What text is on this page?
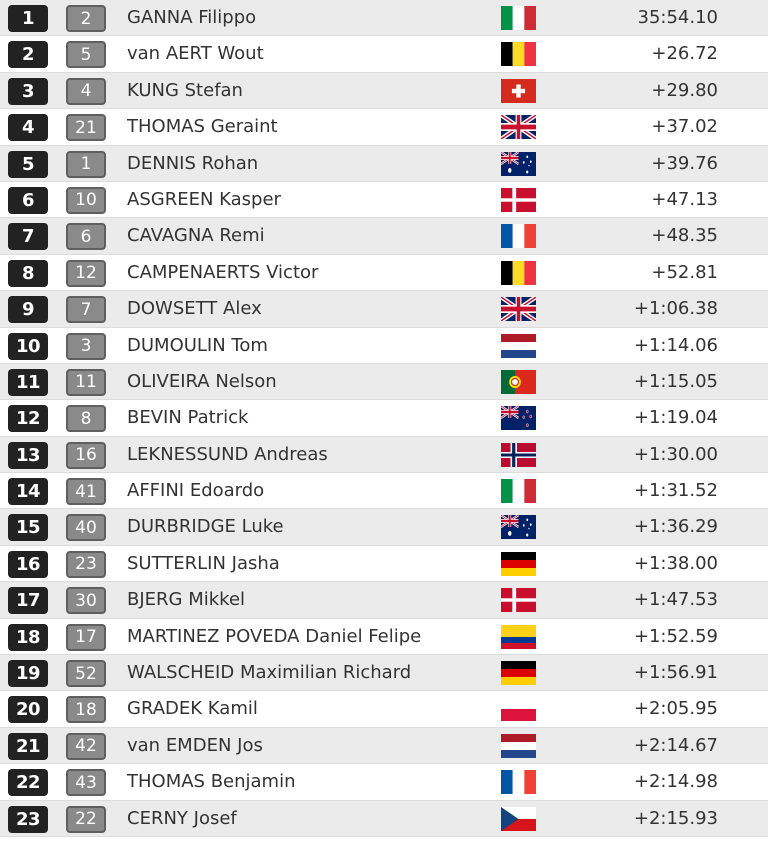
1	2	GANNA Filippo	35:54.10
2	5	van AERT Wout	+26.72
3	4	KUNG Stefan	+29.80
4	21	THOMAS Geraint	+37.02
5	1	DENNIS Rohan	+39.76
6	10	ASGREEN Kasper	+47.13
7	6	CAVAGNA Remi	+48.35
8	12	CAMPENAERTS Victor	+52.81
9	7	DOWSETT Alex	+1:06.38
10	3	DUMOULIN Tom	+1:14.06
11	11	OLIVEIRA Nelson	+1:15.05
12	8	BEVIN Patrick	+1:19.04
13	16	LEKNESSUND Andreas	+1:30.00
14	41	AFFINI Edoardo	+1:31.52
15	40	DURBRIDGE Luke	+1:36.29
16	23	SUTTERLIN Jasha	+1:38.00
17	30	BJERG Mikkel	+1:47.53
18	17	MARTINEZ POVEDA Daniel Felipe	+1:52.59
19	52	WALSCHEID Maximilian Richard	+1:56.91
20	18	GRADEK Kamil	+2:05.95
21	42	van EMDEN Jos	+2:14.67
22	43	THOMAS Benjamin	+2:14.98
23	22	CERNY Josef	+2:15.93
